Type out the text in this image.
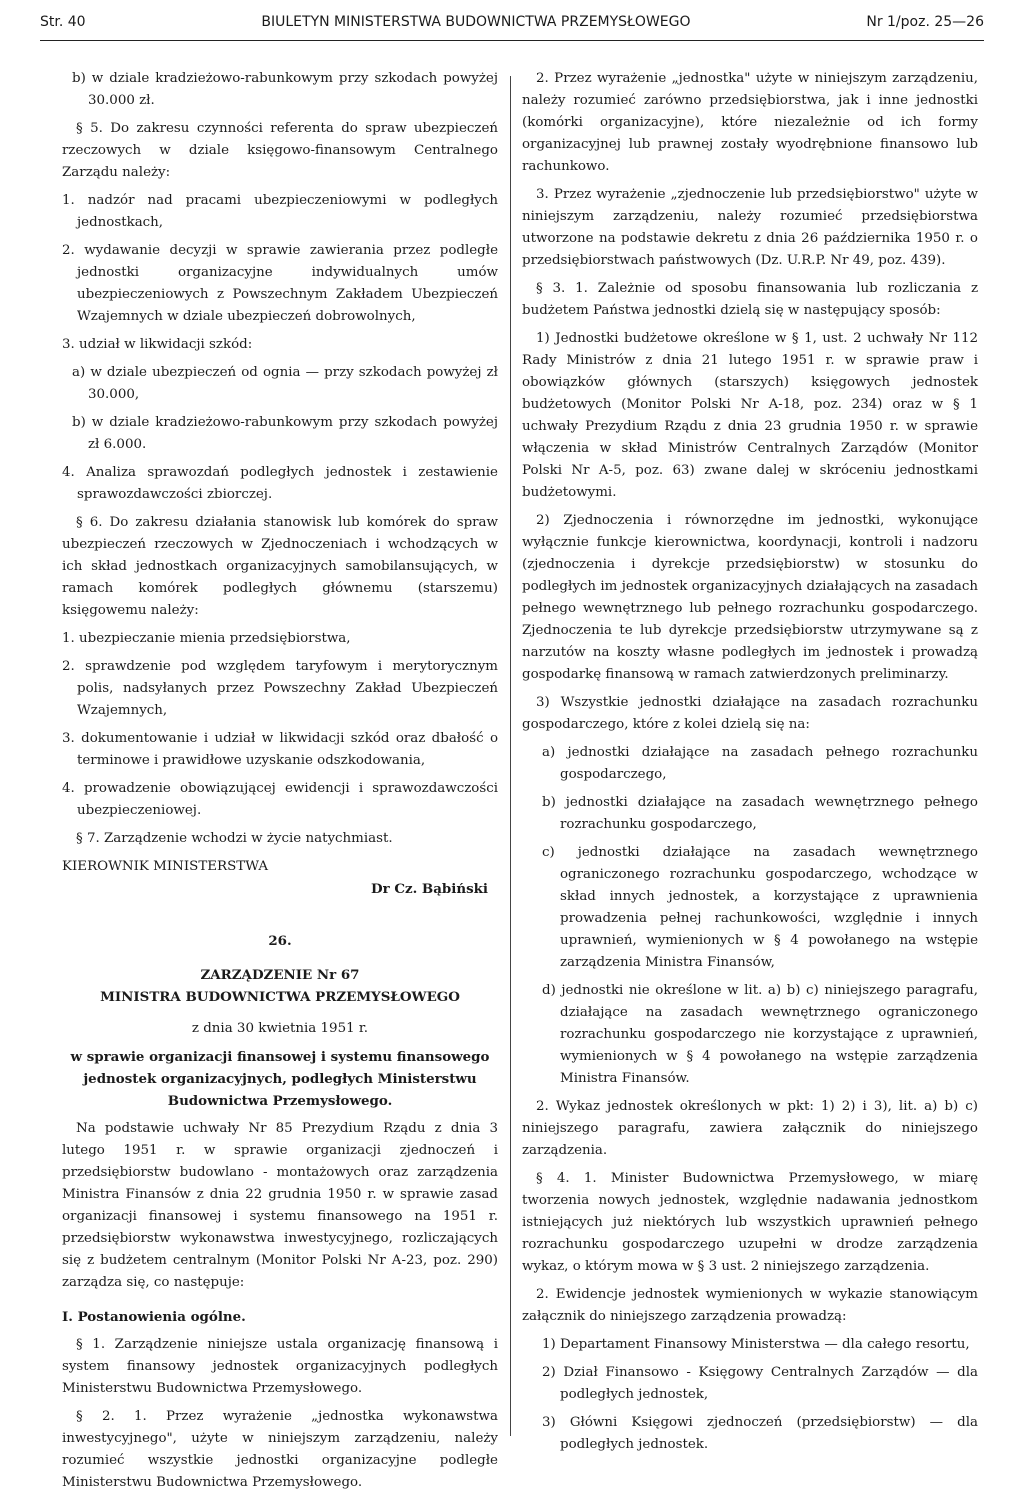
Str. 40	BIULETYN MINISTERSTWA BUDOWNICTWA PRZEMYSŁOWEGO	Nr 1/poz. 25—26

b) w dziale kradzieżowo-rabunkowym przy szkodach powyżej 30.000 zł.

§ 5. Do zakresu czynności referenta do spraw ubezpieczeń rzeczowych w dziale księgowo-finansowym Centralnego Zarządu należy:

1. nadzór nad pracami ubezpieczeniowymi w podległych jednostkach,

2. wydawanie decyzji w sprawie zawierania przez podległe jednostki organizacyjne indywidualnych umów ubezpieczeniowych z Powszechnym Zakładem Ubezpieczeń Wzajemnych w dziale ubezpieczeń dobrowolnych,

3. udział w likwidacji szkód:

a) w dziale ubezpieczeń od ognia — przy szkodach powyżej zł 30.000,

b) w dziale kradzieżowo-rabunkowym przy szkodach powyżej zł 6.000.

4. Analiza sprawozdań podległych jednostek i zestawienie sprawozdawczości zbiorczej.

§ 6. Do zakresu działania stanowisk lub komórek do spraw ubezpieczeń rzeczowych w Zjednoczeniach i wchodzących w ich skład jednostkach organizacyjnych samobilansujących, w ramach komórek podległych głównemu (starszemu) księgowemu należy:

1. ubezpieczanie mienia przedsiębiorstwa,

2. sprawdzenie pod względem taryfowym i merytorycznym polis, nadsyłanych przez Powszechny Zakład Ubezpieczeń Wzajemnych,

3. dokumentowanie i udział w likwidacji szkód oraz dbałość o terminowe i prawidłowe uzyskanie odszkodowania,

4. prowadzenie obowiązującej ewidencji i sprawozdawczości ubezpieczeniowej.

§ 7. Zarządzenie wchodzi w życie natychmiast.

KIEROWNIK MINISTERSTWA

Dr Cz. Bąbiński

26.

ZARZĄDZENIE Nr 67

MINISTRA BUDOWNICTWA PRZEMYSŁOWEGO

z dnia 30 kwietnia 1951 r.

w sprawie organizacji finansowej i systemu finansowego jednostek organizacyjnych, podległych Ministerstwu Budownictwa Przemysłowego.

Na podstawie uchwały Nr 85 Prezydium Rządu z dnia 3 lutego 1951 r. w sprawie organizacji zjednoczeń i przedsiębiorstw budowlano - montażowych oraz zarządzenia Ministra Finansów z dnia 22 grudnia 1950 r. w sprawie zasad organizacji finansowej i systemu finansowego na 1951 r. przedsiębiorstw wykonawstwa inwestycyjnego, rozliczających się z budżetem centralnym (Monitor Polski Nr A-23, poz. 290) zarządza się, co następuje:

I. Postanowienia ogólne.

§ 1. Zarządzenie niniejsze ustala organizację finansową i system finansowy jednostek organizacyjnych podległych Ministerstwu Budownictwa Przemysłowego.

§ 2. 1. Przez wyrażenie „jednostka wykonawstwa inwestycyjnego", użyte w niniejszym zarządzeniu, należy rozumieć wszystkie jednostki organizacyjne podległe Ministerstwu Budownictwa Przemysłowego.

2. Przez wyrażenie „jednostka" użyte w niniejszym zarządzeniu, należy rozumieć zarówno przedsiębiorstwa, jak i inne jednostki (komórki organizacyjne), które niezależnie od ich formy organizacyjnej lub prawnej zostały wyodrębnione finansowo lub rachunkowo.

3. Przez wyrażenie „zjednoczenie lub przedsiębiorstwo" użyte w niniejszym zarządzeniu, należy rozumieć przedsiębiorstwa utworzone na podstawie dekretu z dnia 26 października 1950 r. o przedsiębiorstwach państwowych (Dz. U.R.P. Nr 49, poz. 439).

§ 3. 1. Zależnie od sposobu finansowania lub rozliczania z budżetem Państwa jednostki dzielą się w następujący sposób:

1) Jednostki budżetowe określone w § 1, ust. 2 uchwały Nr 112 Rady Ministrów z dnia 21 lutego 1951 r. w sprawie praw i obowiązków głównych (starszych) księgowych jednostek budżetowych (Monitor Polski Nr A-18, poz. 234) oraz w § 1 uchwały Prezydium Rządu z dnia 23 grudnia 1950 r. w sprawie włączenia w skład Ministrów Centralnych Zarządów (Monitor Polski Nr A-5, poz. 63) zwane dalej w skróceniu jednostkami budżetowymi.

2) Zjednoczenia i równorzędne im jednostki, wykonujące wyłącznie funkcje kierownictwa, koordynacji, kontroli i nadzoru (zjednoczenia i dyrekcje przedsiębiorstw) w stosunku do podległych im jednostek organizacyjnych działających na zasadach pełnego wewnętrznego lub pełnego rozrachunku gospodarczego. Zjednoczenia te lub dyrekcje przedsiębiorstw utrzymywane są z narzutów na koszty własne podległych im jednostek i prowadzą gospodarkę finansową w ramach zatwierdzonych preliminarzy.

3) Wszystkie jednostki działające na zasadach rozrachunku gospodarczego, które z kolei dzielą się na:

a) jednostki działające na zasadach pełnego rozrachunku gospodarczego,

b) jednostki działające na zasadach wewnętrznego pełnego rozrachunku gospodarczego,

c) jednostki działające na zasadach wewnętrznego ograniczonego rozrachunku gospodarczego, wchodzące w skład innych jednostek, a korzystające z uprawnienia prowadzenia pełnej rachunkowości, względnie i innych uprawnień, wymienionych w § 4 powołanego na wstępie zarządzenia Ministra Finansów,

d) jednostki nie określone w lit. a) b) c) niniejszego paragrafu, działające na zasadach wewnętrznego ograniczonego rozrachunku gospodarczego nie korzystające z uprawnień, wymienionych w § 4 powołanego na wstępie zarządzenia Ministra Finansów.

2. Wykaz jednostek określonych w pkt: 1) 2) i 3), lit. a) b) c) niniejszego paragrafu, zawiera załącznik do niniejszego zarządzenia.

§ 4. 1. Minister Budownictwa Przemysłowego, w miarę tworzenia nowych jednostek, względnie nadawania jednostkom istniejących już niektórych lub wszystkich uprawnień pełnego rozrachunku gospodarczego uzupełni w drodze zarządzenia wykaz, o którym mowa w § 3 ust. 2 niniejszego zarządzenia.

2. Ewidencje jednostek wymienionych w wykazie stanowiącym załącznik do niniejszego zarządzenia prowadzą:

1) Departament Finansowy Ministerstwa — dla całego resortu,

2) Dział Finansowo - Księgowy Centralnych Zarządów — dla podległych jednostek,

3) Główni Księgowi zjednoczeń (przedsiębiorstw) — dla podległych jednostek.
